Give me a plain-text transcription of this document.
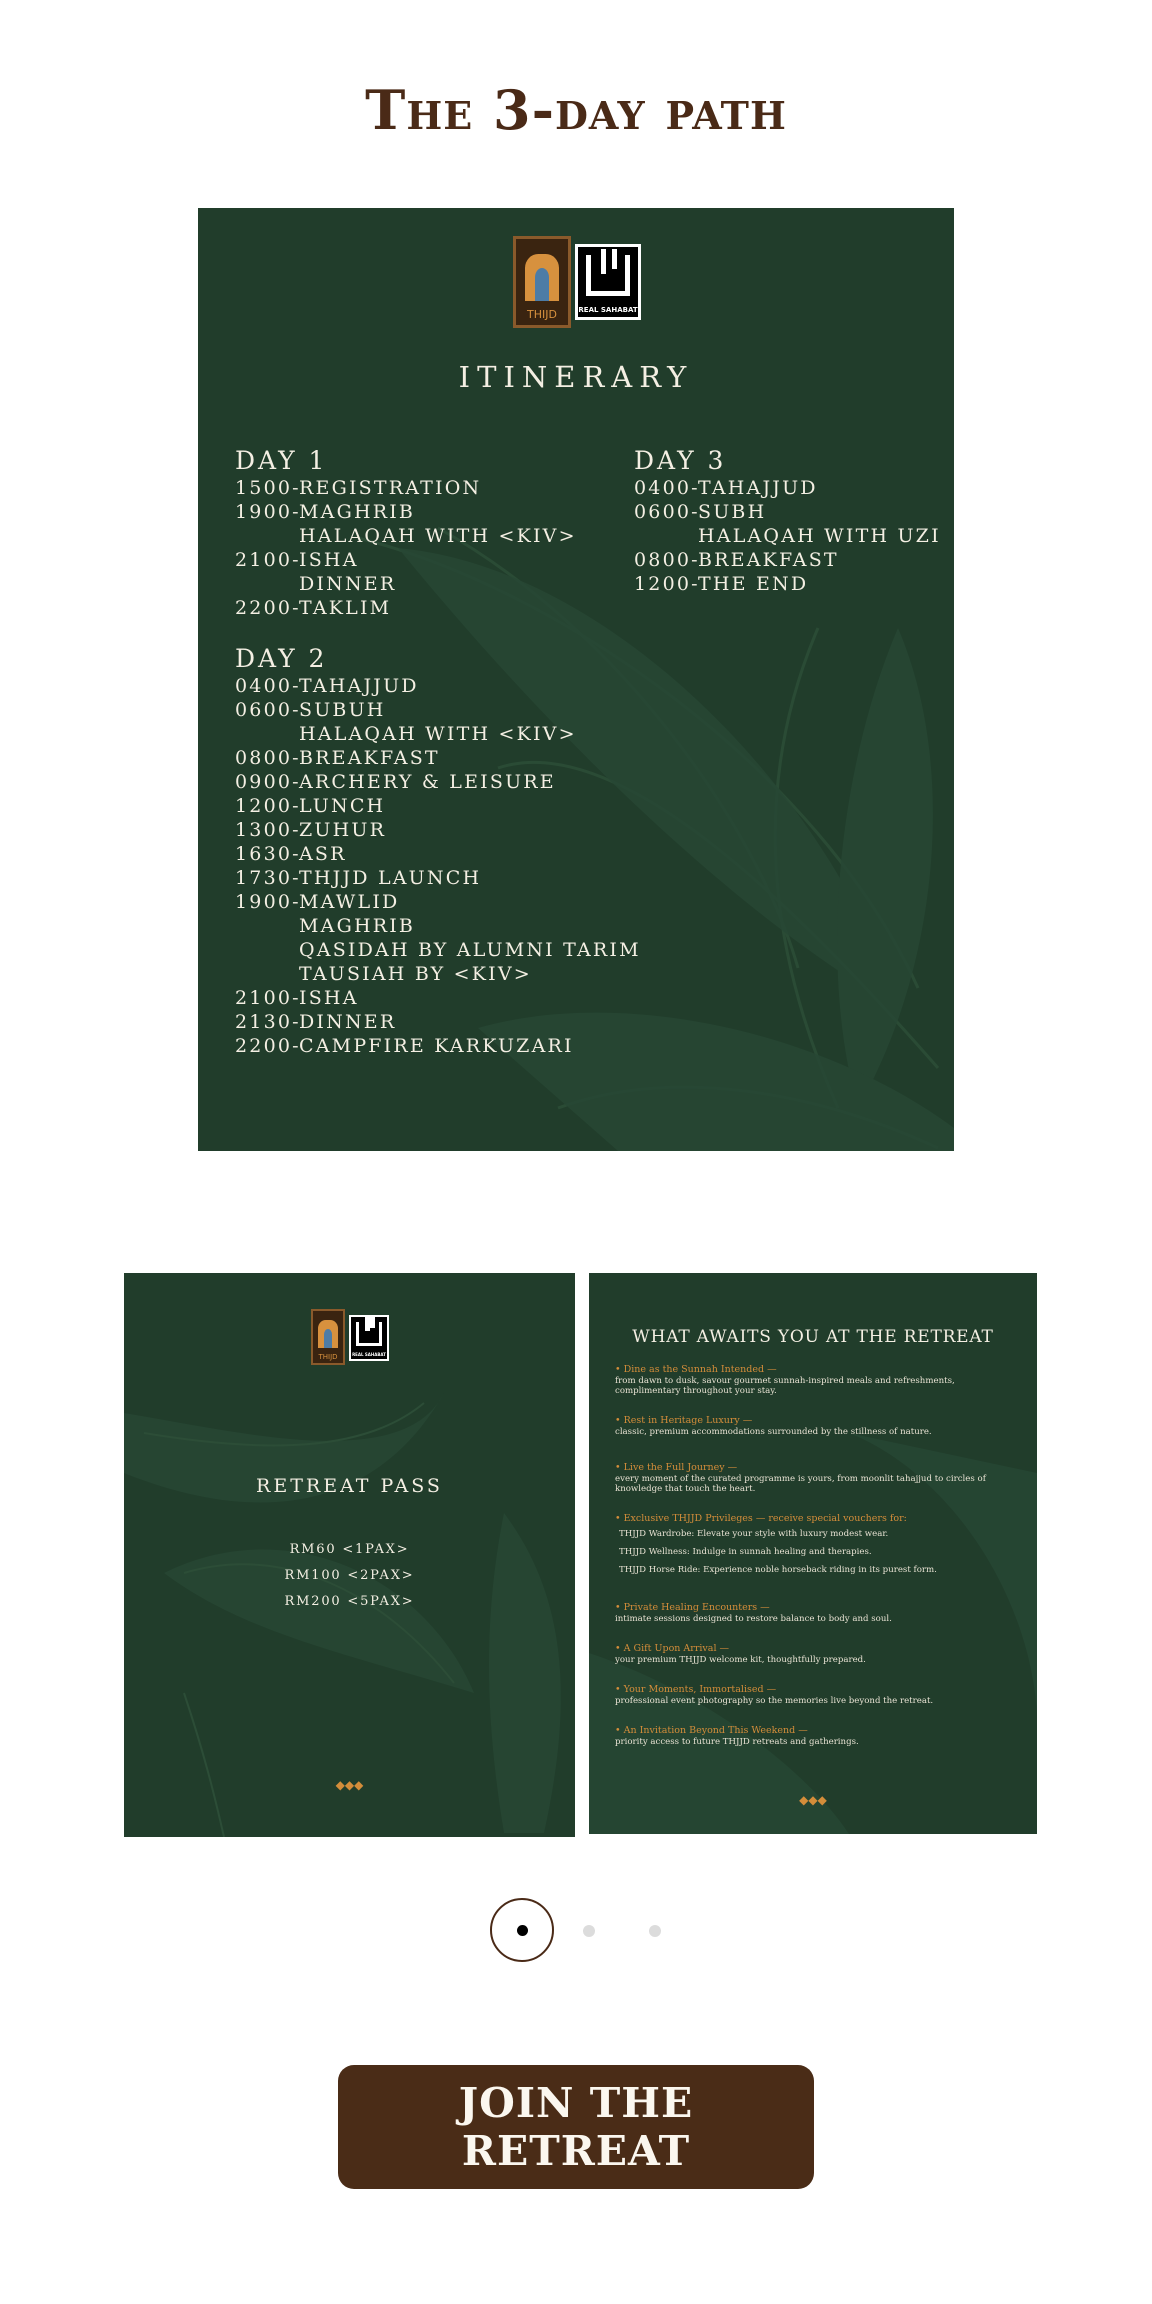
The 3-day path
THIJD	REAL SAHABAT
ITINERARY
DAY 1
1500-
REGISTRATION
1900-
MAGHRIB
HALAQAH WITH <KIV>
2100-
ISHA
DINNER
2200-
TAKLIM
DAY 2
0400-
TAHAJJUD
0600-
SUBUH
HALAQAH WITH <KIV>
0800-
BREAKFAST
0900-
ARCHERY & LEISURE
1200-
LUNCH
1300-
ZUHUR
1630-
ASR
1730-
THJJD LAUNCH
1900-
MAWLID
MAGHRIB
QASIDAH BY ALUMNI TARIM
TAUSIAH BY <KIV>
2100-
ISHA
2130-
DINNER
2200-
CAMPFIRE KARKUZARI
DAY 3
0400-
TAHAJJUD
0600-
SUBH
HALAQAH WITH UZI
0800-
BREAKFAST
1200-
THE END
THIJD	REAL SAHABAT
RETREAT PASS
RM60 <1PAX>
RM100 <2PAX>
RM200 <5PAX>
◆◆◆
WHAT AWAITS YOU AT THE RETREAT
• Dine as the Sunnah Intended —
from dawn to dusk, savour gourmet sunnah-inspired meals and refreshments, complimentary throughout your stay.
• Rest in Heritage Luxury —
classic, premium accommodations surrounded by the stillness of nature.
• Live the Full Journey —
every moment of the curated programme is yours, from moonlit tahajjud to circles of knowledge that touch the heart.
• Exclusive THJJD Privileges — receive special vouchers for:
THJJD Wardrobe: Elevate your style with luxury modest wear.
THJJD Wellness: Indulge in sunnah healing and therapies.
THJJD Horse Ride: Experience noble horseback riding in its purest form.
• Private Healing Encounters —
intimate sessions designed to restore balance to body and soul.
• A Gift Upon Arrival —
your premium THJJD welcome kit, thoughtfully prepared.
• Your Moments, Immortalised —
professional event photography so the memories live beyond the retreat.
• An Invitation Beyond This Weekend —
priority access to future THJJD retreats and gatherings.
◆◆◆
JOIN THE RETREAT
